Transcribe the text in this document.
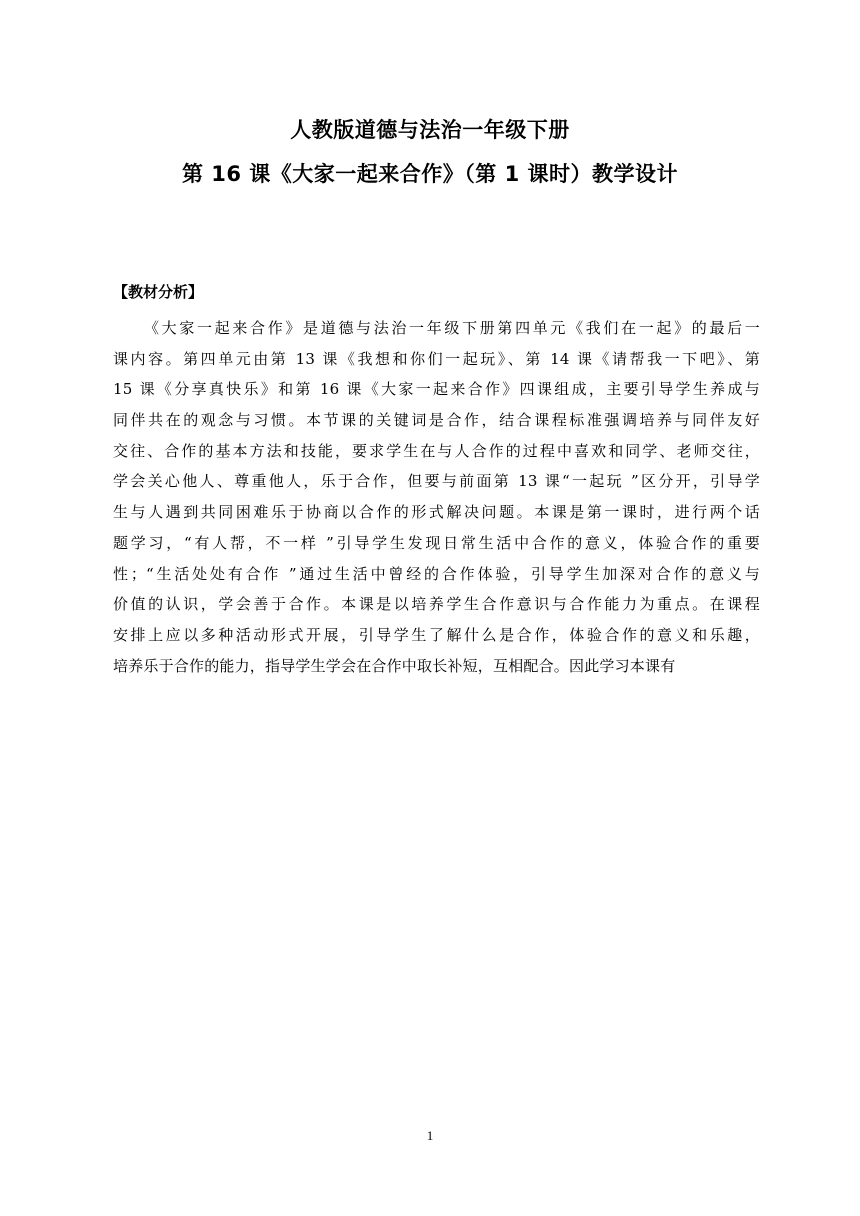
人教版道德与法治一年级下册
第 16 课《大家一起来合作》（第 1 课时）教学设计
【教材分析】
《大家一起来合作》是道德与法治一年级下册第四单元《我们在一起》的最后一
课内容。第四单元由第 13 课《我想和你们一起玩》、第 14 课《请帮我一下吧》、第
15 课《分享真快乐》和第 16 课《大家一起来合作》四课组成，主要引导学生养成与
同伴共在的观念与习惯。本节课的关键词是合作，结合课程标准强调培养与同伴友好
交往、合作的基本方法和技能，要求学生在与人合作的过程中喜欢和同学、老师交往，
学会关心他人、尊重他人，乐于合作，但要与前面第 13 课“一起玩 ”区分开，引导学
生与人遇到共同困难乐于协商以合作的形式解决问题。本课是第一课时，进行两个话
题学习，“有人帮，不一样 ”引导学生发现日常生活中合作的意义，体验合作的重要
性；“生活处处有合作 ”通过生活中曾经的合作体验，引导学生加深对合作的意义与
价值的认识，学会善于合作。本课是以培养学生合作意识与合作能力为重点。在课程
安排上应以多种活动形式开展，引导学生了解什么是合作，体验合作的意义和乐趣，
培养乐于合作的能力，指导学生学会在合作中取长补短，互相配合。因此学习本课有
1
